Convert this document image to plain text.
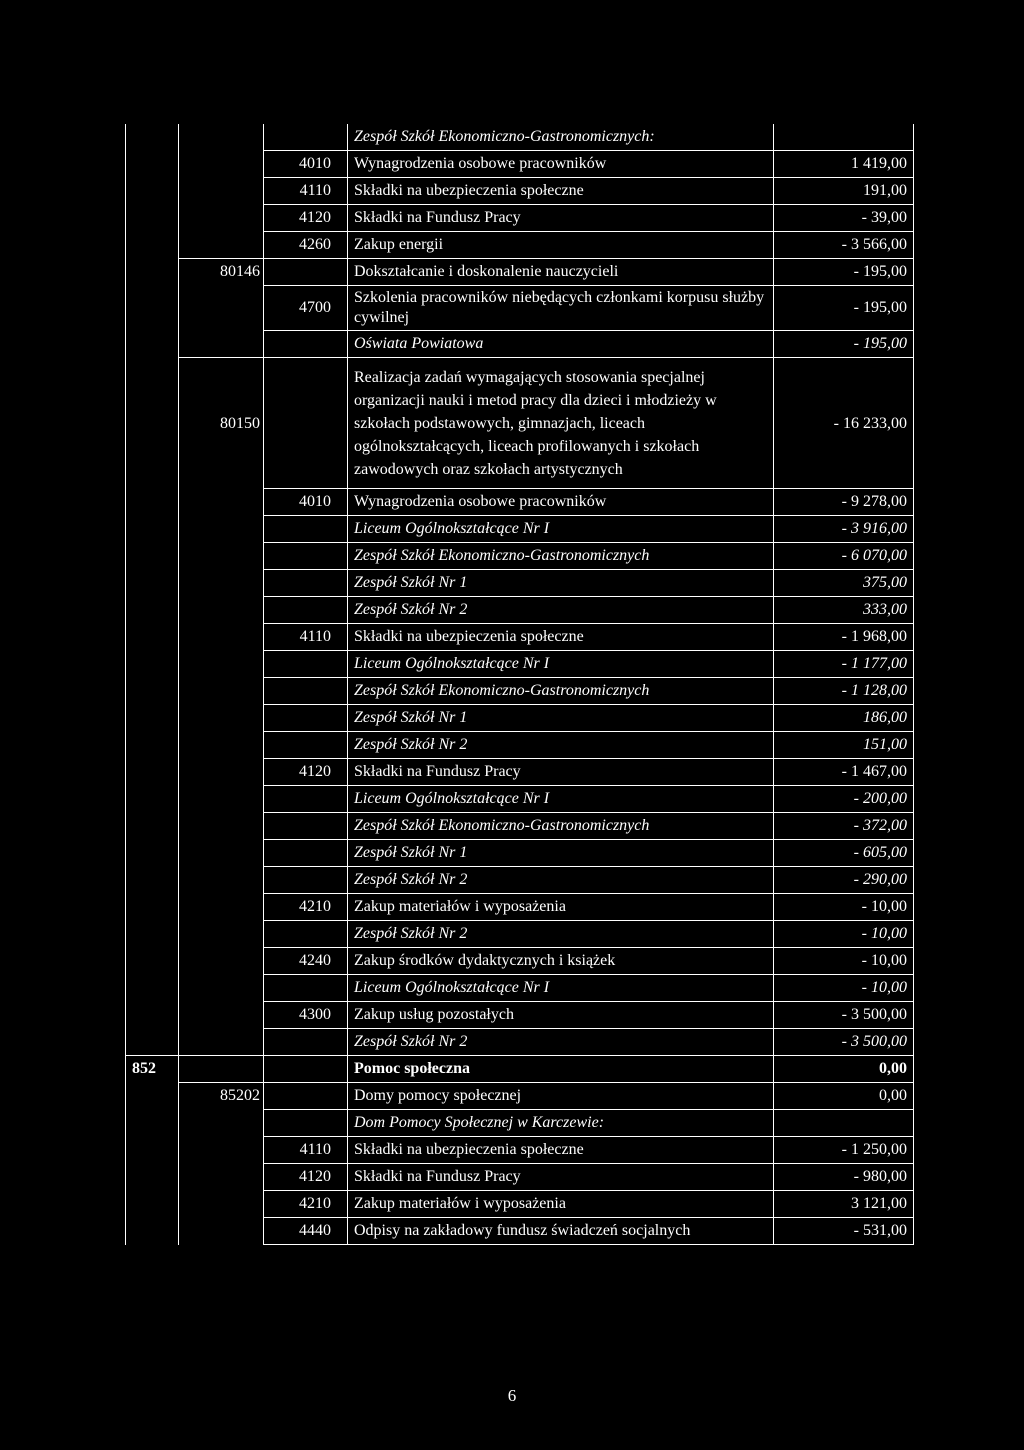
			Zespół Szkół Ekonomiczno-Gastronomicznych:	
		4010	Wynagrodzenia osobowe pracowników	1 419,00
		4110	Składki na ubezpieczenia społeczne	191,00
		4120	Składki na Fundusz Pracy	- 39,00
		4260	Zakup energii	- 3 566,00
	80146		Dokształcanie i doskonalenie nauczycieli	- 195,00
		4700	Szkolenia pracowników niebędących członkami korpusu służby cywilnej	- 195,00
			Oświata Powiatowa	- 195,00
	80150		Realizacja zadań wymagających stosowania specjalnej organizacji nauki i metod pracy dla dzieci i młodzieży w szkołach podstawowych, gimnazjach, liceach ogólnokształcących, liceach profilowanych i szkołach zawodowych oraz szkołach artystycznych	- 16 233,00
		4010	Wynagrodzenia osobowe pracowników	- 9 278,00
			Liceum Ogólnokształcące Nr I	- 3 916,00
			Zespół Szkół Ekonomiczno-Gastronomicznych	- 6 070,00
			Zespół Szkół Nr 1	375,00
			Zespół Szkół Nr 2	333,00
		4110	Składki na ubezpieczenia społeczne	- 1 968,00
			Liceum Ogólnokształcące Nr I	- 1 177,00
			Zespół Szkół Ekonomiczno-Gastronomicznych	- 1 128,00
			Zespół Szkół Nr 1	186,00
			Zespół Szkół Nr 2	151,00
		4120	Składki na Fundusz Pracy	- 1 467,00
			Liceum Ogólnokształcące Nr I	- 200,00
			Zespół Szkół Ekonomiczno-Gastronomicznych	- 372,00
			Zespół Szkół Nr 1	- 605,00
			Zespół Szkół Nr 2	- 290,00
		4210	Zakup materiałów i wyposażenia	- 10,00
			Zespół Szkół Nr 2	- 10,00
		4240	Zakup środków dydaktycznych i książek	- 10,00
			Liceum Ogólnokształcące Nr I	- 10,00
		4300	Zakup usług pozostałych	- 3 500,00
			Zespół Szkół Nr 2	- 3 500,00
852			Pomoc społeczna	0,00
	85202		Domy pomocy społecznej	0,00
			Dom Pomocy Społecznej w Karczewie:	
		4110	Składki na ubezpieczenia społeczne	- 1 250,00
		4120	Składki na Fundusz Pracy	- 980,00
		4210	Zakup materiałów i wyposażenia	3 121,00
		4440	Odpisy na zakładowy fundusz świadczeń socjalnych	- 531,00
6
